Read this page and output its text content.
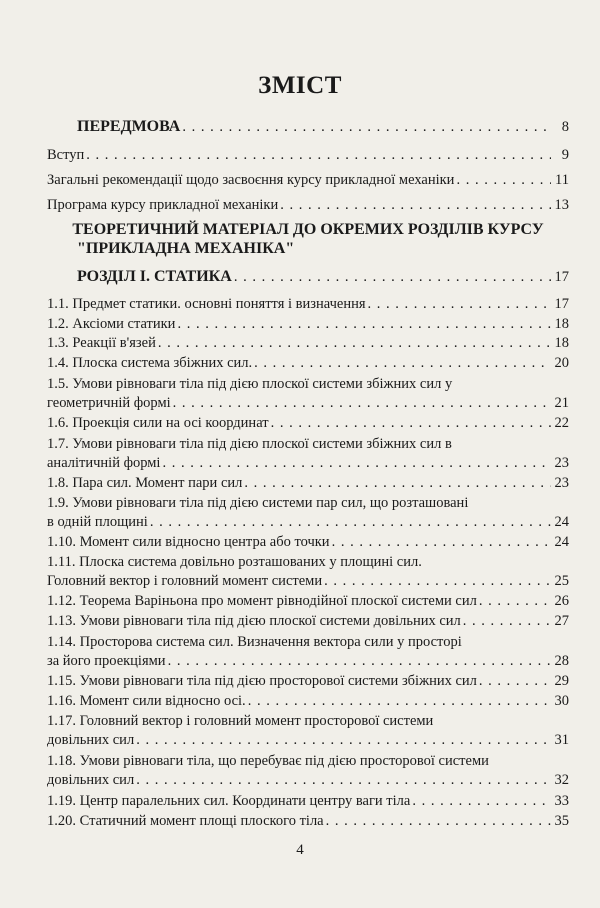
ЗМІСТ
ПЕРЕДМОВА . . .	8
Вступ . . .	9
Загальні рекомендації щодо засвоєння курсу прикладної механіки . . .	11
Програма курсу прикладної механіки . . .	13
ТЕОРЕТИЧНИЙ МАТЕРІАЛ ДО ОКРЕМИХ РОЗДІЛІВ КУРСУ
"ПРИКЛАДНА МЕХАНІКА"
РОЗДІЛ І. СТАТИКА . . .	17
1.1. Предмет статики. основні поняття і визначення . . .	17
1.2. Аксіоми статики . . .	18
1.3. Реакції в'язей . . .	18
1.4. Плоска система збіжних сил. . . .	20
1.5. Умови рівноваги тіла під дією плоскої системи збіжних сил у
геометричній формі . . .	21
1.6. Проекція сили на осі координат . . .	22
1.7. Умови рівноваги тіла під дією плоскої системи збіжних сил в
аналітичній формі . . .	23
1.8. Пара сил. Момент пари сил . . .	23
1.9. Умови рівноваги тіла під дією системи пар сил, що розташовані
в одній площині . . .	24
1.10. Момент сили відносно центра або точки . . .	24
1.11. Плоска система довільно розташованих у площині сил.
Головний вектор і головний момент системи . . .	25
1.12. Теорема Варіньона про момент рівнодійної плоскої системи сил . . .	26
1.13. Умови рівноваги тіла під дією плоскої системи довільних сил . . .	27
1.14. Просторова система сил. Визначення вектора сили у просторі
за його проекціями . . .	28
1.15. Умови рівноваги тіла під дією просторової системи збіжних сил . . .	29
1.16. Момент сили відносно осі. . . .	30
1.17. Головний вектор і головний момент просторової системи
довільних сил . . .	31
1.18. Умови рівноваги тіла, що перебуває під дією просторової системи
довільних сил . . .	32
1.19. Центр паралельних сил. Координати центру ваги тіла . . .	33
1.20. Статичний момент площі плоского тіла . . .	35
4
